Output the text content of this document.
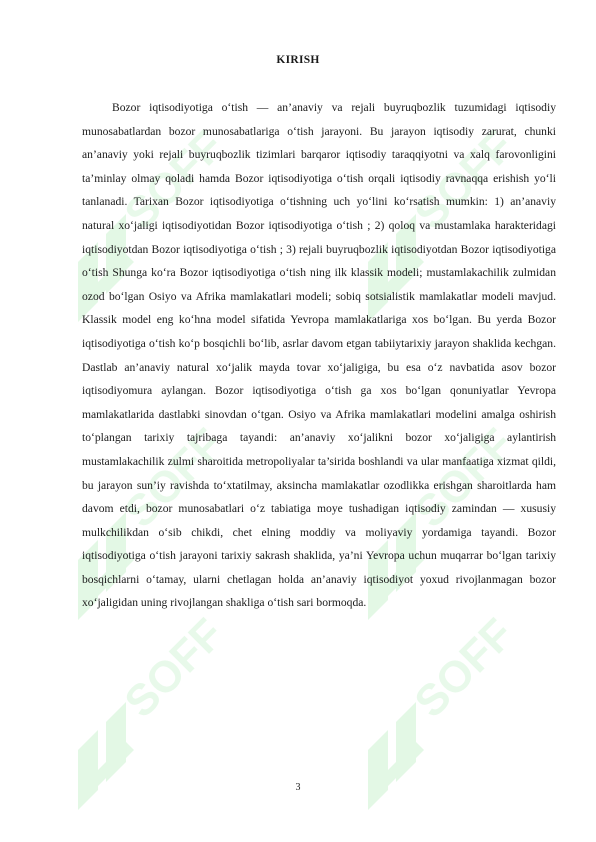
SOFF	SOFF
SOFF	SOFF
SOFF	SOFF
KIRISH

Bozor iqtisodiyotiga o‘tish — an’anaviy va rejali buyruqbozlik tuzumidagi iqtisodiy munosabatlardan bozor munosabatlariga o‘tish jarayoni. Bu jarayon iqtisodiy zarurat, chunki an’anaviy yoki rejali buyruqbozlik tizimlari barqaror iqtisodiy taraqqiyotni va xalq farovonligini ta’minlay olmay qoladi hamda Bozor iqtisodiyotiga o‘tish orqali iqtisodiy ravnaqqa erishish yo‘li tanlanadi. Tarixan Bozor iqtisodiyotiga o‘tishning uch yo‘lini ko‘rsatish mumkin: 1) an’anaviy natural xo‘jaligi iqtisodiyotidan Bozor iqtisodiyotiga o‘tish ; 2) qoloq va mustamlaka harakteridagi iqtisodiyotdan Bozor iqtisodiyotiga o‘tish ; 3) rejali buyruqbozlik iqtisodiyotdan Bozor iqtisodiyotiga o‘tish Shunga ko‘ra Bozor iqtisodiyotiga o‘tish ning ilk klassik modeli; mustamlakachilik zulmidan ozod bo‘lgan Osiyo va Afrika mamlakatlari modeli; sobiq sotsialistik mamlakatlar modeli mavjud. Klassik model eng ko‘hna model sifatida Yevropa mamlakatlariga xos bo‘lgan. Bu yerda Bozor iqtisodiyotiga o‘tish ko‘p bosqichli bo‘lib, asrlar davom etgan tabiiytarixiy jarayon shaklida kechgan. Dastlab an’anaviy natural xo‘jalik mayda tovar xo‘jaligiga, bu esa o‘z navbatida asov bozor iqtisodiyomura aylangan. Bozor iqtisodiyotiga o‘tish ga xos bo‘lgan qonuniyatlar Yevropa mamlakatlarida dastlabki sinovdan o‘tgan. Osiyo va Afrika mamlakatlari modelini amalga oshirish to‘plangan tarixiy tajribaga tayandi: an’anaviy xo‘jalikni bozor xo‘jaligiga aylantirish mustamlakachilik zulmi sharoitida metropoliyalar ta’sirida boshlandi va ular manfaatiga xizmat qildi, bu jarayon sun’iy ravishda to‘xtatilmay, aksincha mamlakatlar ozodlikka erishgan sharoitlarda ham davom etdi, bozor munosabatlari o‘z tabiatiga moye tushadigan iqtisodiy zamindan — xususiy mulkchilikdan o‘sib chikdi, chet elning moddiy va moliyaviy yordamiga tayandi. Bozor iqtisodiyotiga o‘tish jarayoni tarixiy sakrash shaklida, ya’ni Yevropa uchun muqarrar bo‘lgan tarixiy bosqichlarni o‘tamay, ularni chetlagan holda an’anaviy iqtisodiyot yoxud rivojlanmagan bozor xo‘jaligidan uning rivojlangan shakliga o‘tish sari bormoqda.

3
